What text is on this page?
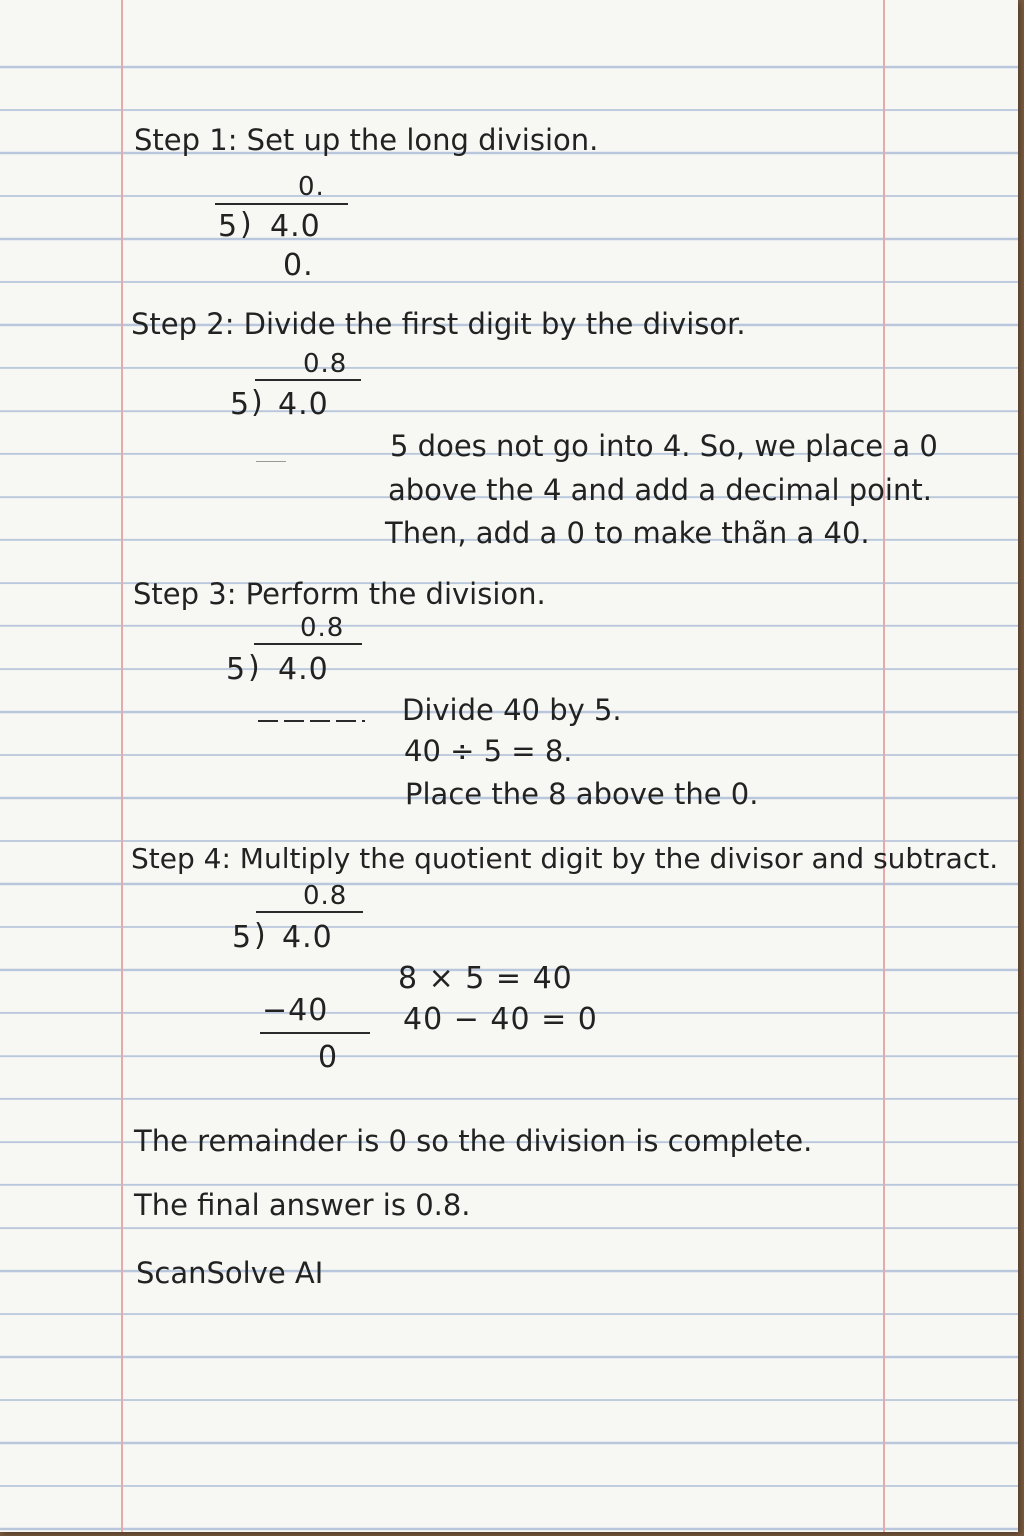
Step 1: Set up the long division.
0.
5 ) 4.0
0.
Step 2: Divide the first digit by the divisor.
0.8
5 ) 4.0
5 does not go into 4. So, we place a 0
above the 4 and add a decimal point.
Then, add a 0 to make thãn a 40.
Step 3: Perform the division.
0.8
5 ) 4.0
Divide 40 by 5.
40 ÷ 5 = 8.
Place the 8 above the 0.
Step 4: Multiply the quotient digit by the divisor and subtract.
0.8
5 ) 4.0
−40
0
8 × 5 = 40
40 − 40 = 0
The remainder is 0 so the division is complete.
The final answer is 0.8.
ScanSolve AI
